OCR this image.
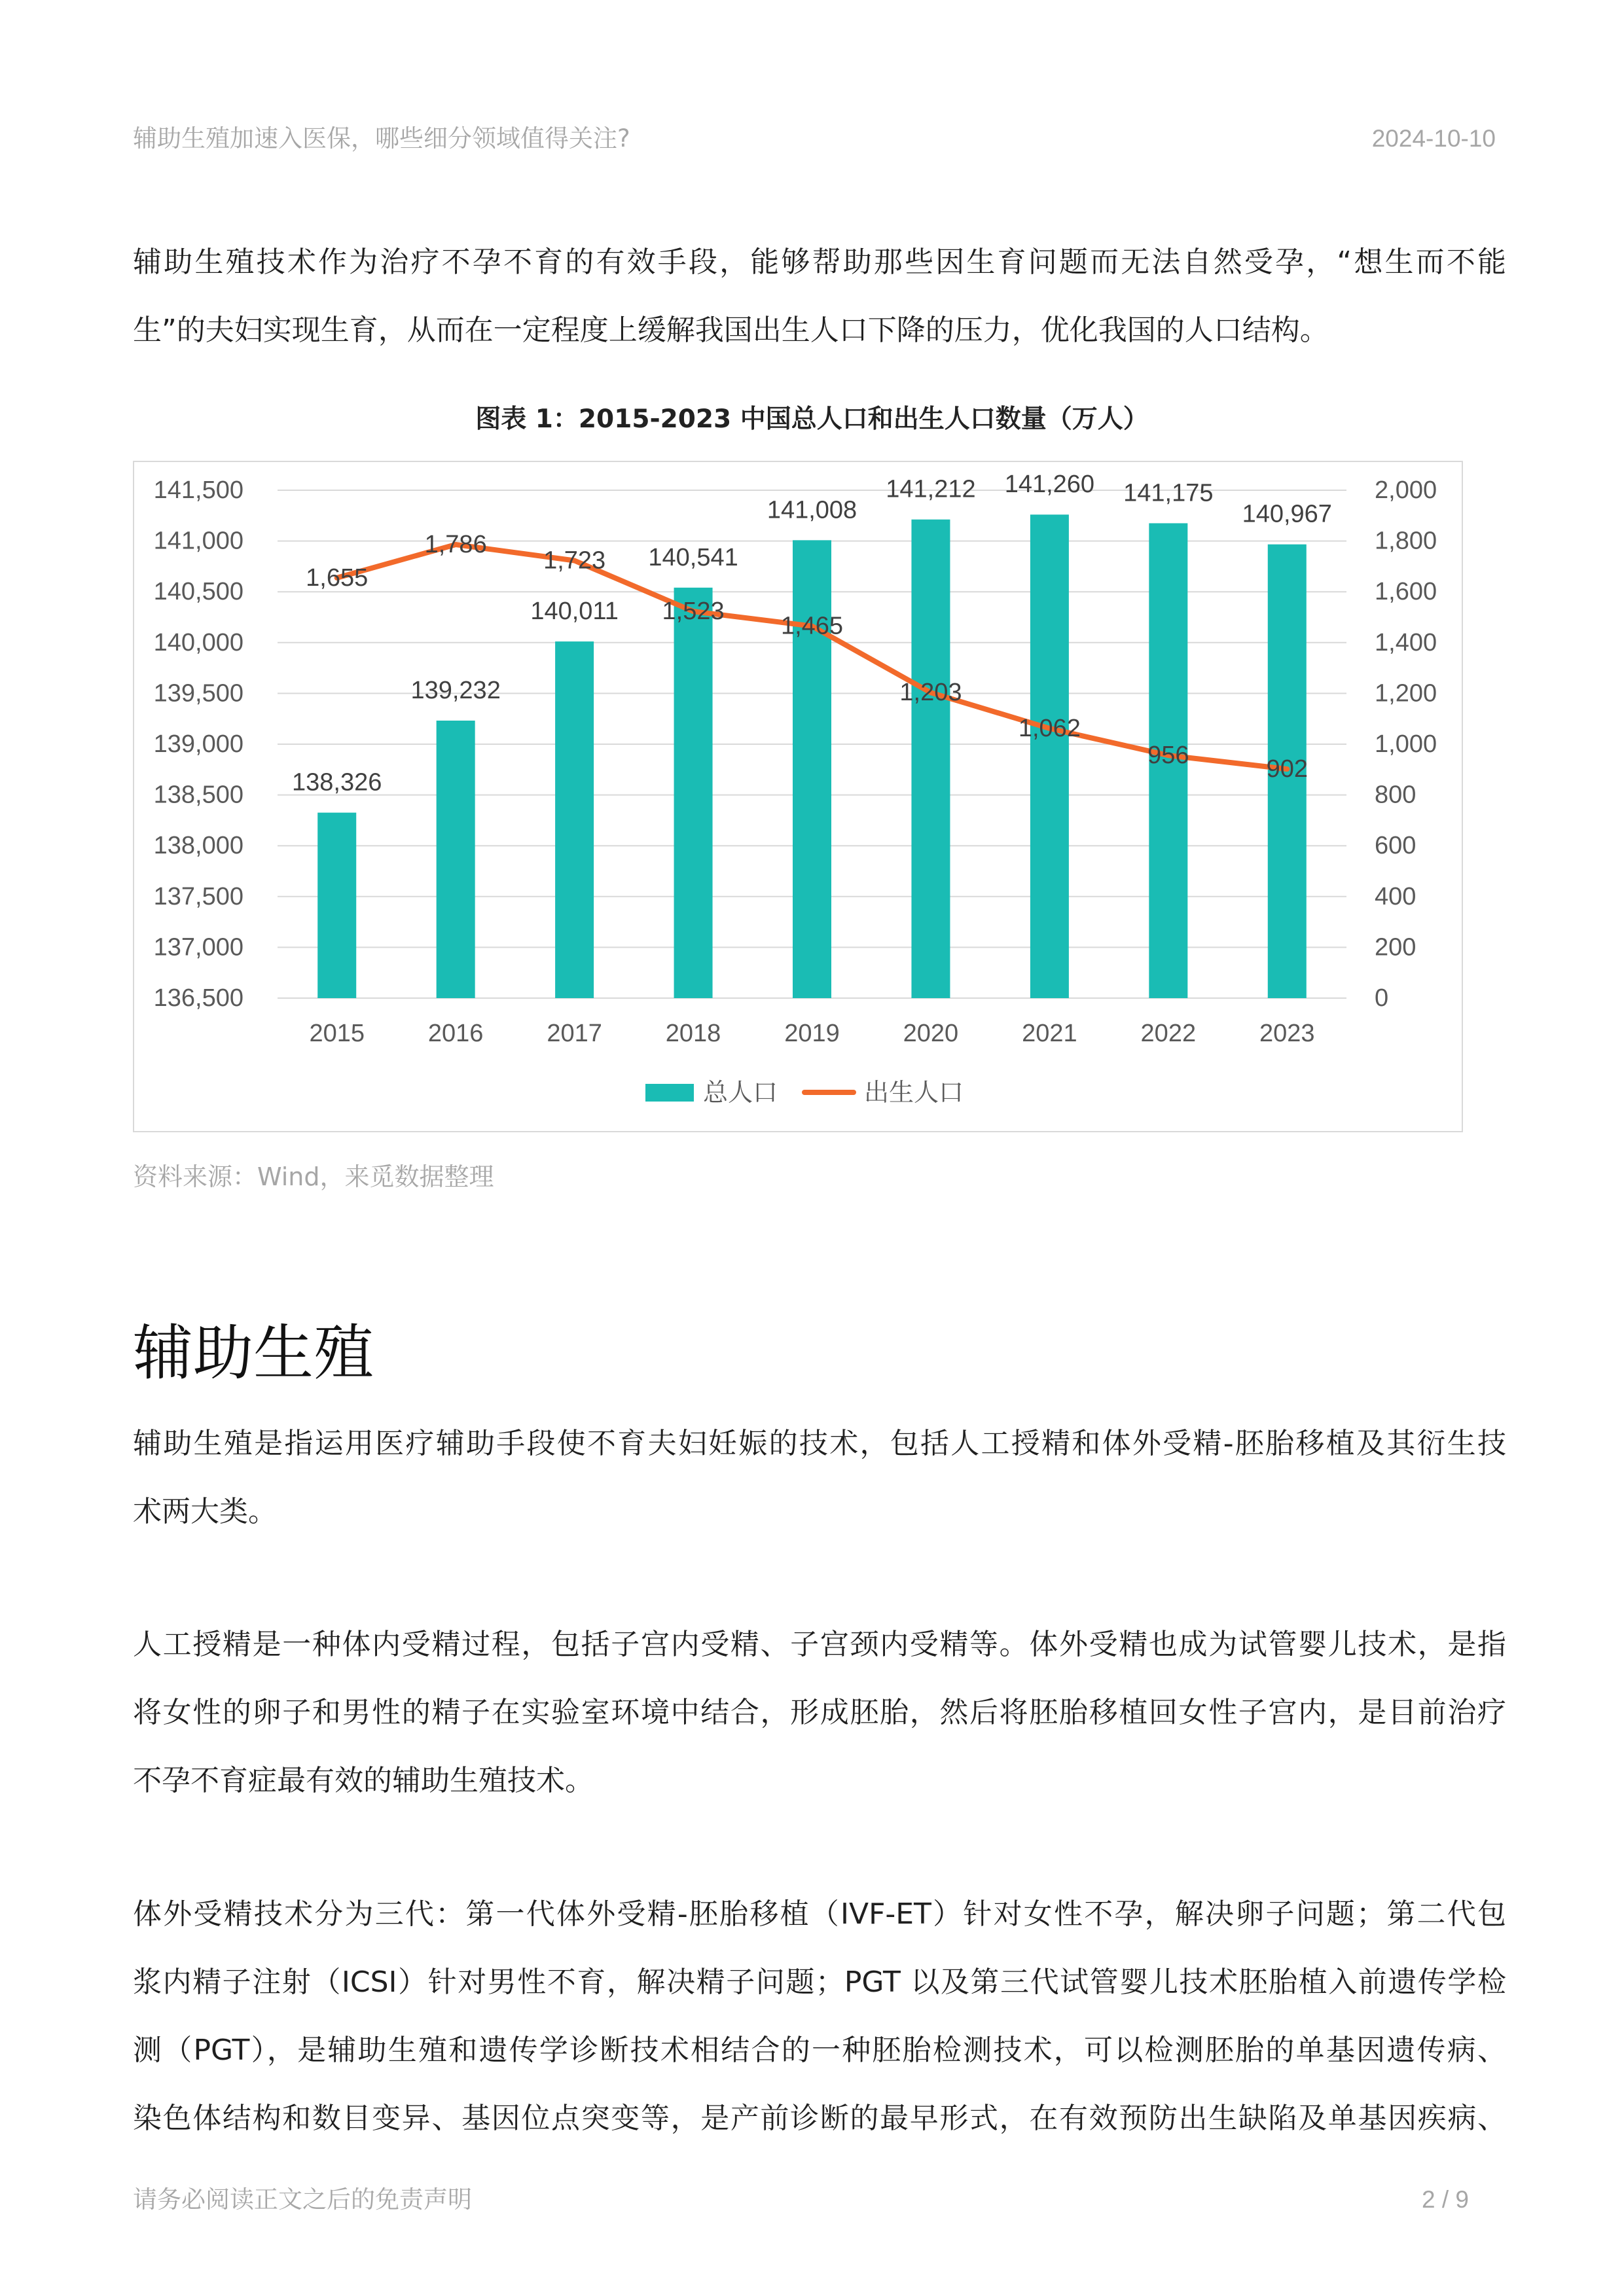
辅助生殖加速入医保，哪些细分领域值得关注?	2024-10-10
辅助生殖技术作为治疗不孕不育的有效手段，能够帮助那些因生育问题而无法自然受孕，“想生而不能
生”的夫妇实现生育，从而在一定程度上缓解我国出生人口下降的压力，优化我国的人口结构。
图表 1：2015-2023 中国总人口和出生人口数量（万人）
136,500
137,000
137,500
138,000
138,500
139,000
139,500
140,000
140,500
141,000
141,500
0
200
400
600
800
1,000
1,200
1,400
1,600
1,800
2,000
2015	2016	2017	2018	2019	2020	2021	2022	2023
138,326
139,232
140,011
140,541
141,008
141,212 141,260 141,175
140,967
1,655
1,786
1,723
1,523
1,465
1,203
1,062
956	902
总人口	出生人口
资料来源：Wind，来觅数据整理
辅助生殖
辅助生殖是指运用医疗辅助手段使不育夫妇妊娠的技术，包括人工授精和体外受精-胚胎移植及其衍生技
术两大类。
人工授精是一种体内受精过程，包括子宫内受精、子宫颈内受精等。体外受精也成为试管婴儿技术，是指
将女性的卵子和男性的精子在实验室环境中结合，形成胚胎，然后将胚胎移植回女性子宫内，是目前治疗
不孕不育症最有效的辅助生殖技术。
体外受精技术分为三代：第一代体外受精-胚胎移植（IVF-ET）针对女性不孕，解决卵子问题；第二代包
浆内精子注射（ICSI）针对男性不育，解决精子问题；PGT 以及第三代试管婴儿技术胚胎植入前遗传学检
测（PGT），是辅助生殖和遗传学诊断技术相结合的一种胚胎检测技术，可以检测胚胎的单基因遗传病、
染色体结构和数目变异、基因位点突变等，是产前诊断的最早形式，在有效预防出生缺陷及单基因疾病、
请务必阅读正文之后的免责声明	2 / 9
